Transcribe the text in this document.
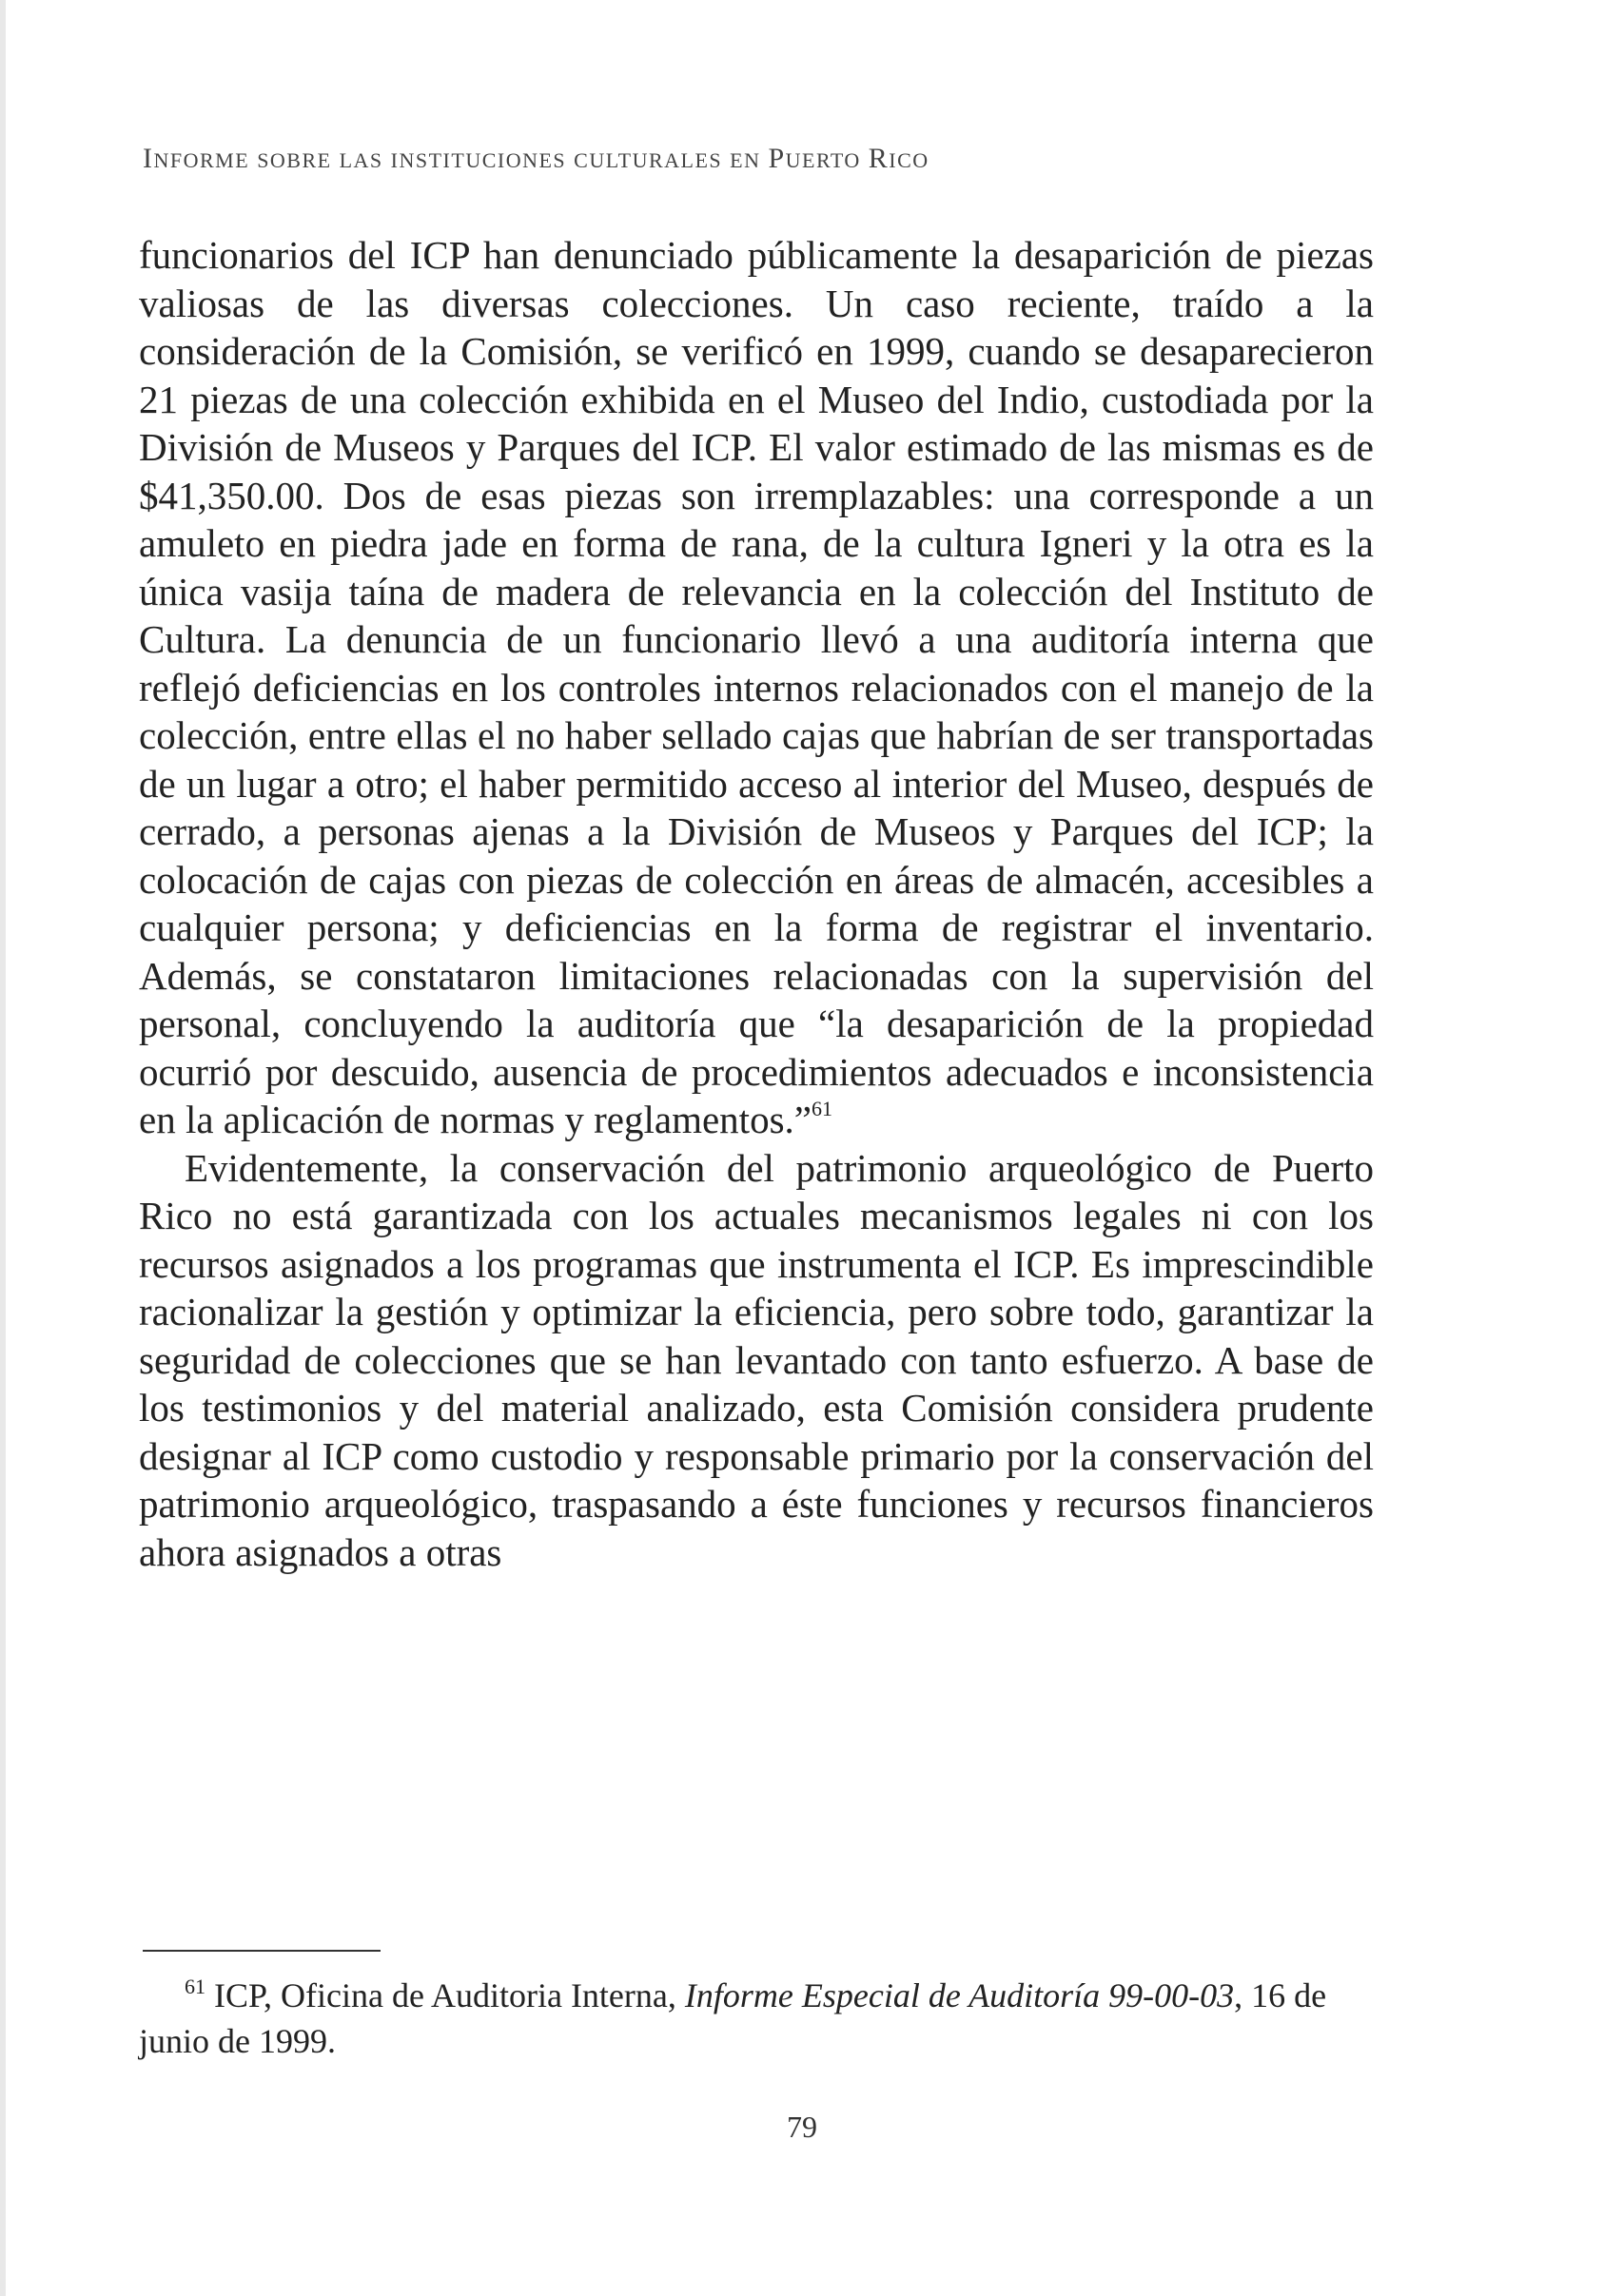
INFORME SOBRE LAS INSTITUCIONES CULTURALES EN PUERTO RICO

funcionarios del ICP han denunciado públicamente la desaparición de piezas valiosas de las diversas colecciones. Un caso reciente, traído a la consideración de la Comisión, se verificó en 1999, cuando se desaparecieron 21 piezas de una colección exhibida en el Museo del Indio, custodiada por la División de Museos y Parques del ICP. El valor estimado de las mismas es de $41,350.00. Dos de esas piezas son irremplazables: una corresponde a un amuleto en piedra jade en forma de rana, de la cultura Igneri y la otra es la única vasija taína de madera de relevancia en la colección del Instituto de Cultura. La denuncia de un funcionario llevó a una auditoría interna que reflejó deficiencias en los controles internos relacionados con el manejo de la colección, entre ellas el no haber sellado cajas que habrían de ser transportadas de un lugar a otro; el haber permitido acceso al interior del Museo, después de cerrado, a personas ajenas a la División de Museos y Parques del ICP; la colocación de cajas con piezas de colección en áreas de almacén, accesibles a cualquier persona; y deficiencias en la forma de registrar el inventario. Además, se constataron limitaciones relacionadas con la supervisión del personal, concluyendo la auditoría que “la desaparición de la propiedad ocurrió por descuido, ausencia de procedimientos adecuados e inconsistencia en la aplicación de normas y reglamentos.”$^{61}$

Evidentemente, la conservación del patrimonio arqueológico de Puerto Rico no está garantizada con los actuales mecanismos legales ni con los recursos asignados a los programas que instrumenta el ICP. Es imprescindible racionalizar la gestión y optimizar la eficiencia, pero sobre todo, garantizar la seguridad de colecciones que se han levantado con tanto esfuerzo. A base de los testimonios y del material analizado, esta Comisión considera prudente designar al ICP como custodio y responsable primario por la conservación del patrimonio arqueológico, traspasando a éste funciones y recursos financieros ahora asignados a otras

$^{61}$ ICP, Oficina de Auditoria Interna, Informe Especial de Auditoría 99-00-03, 16 de junio de 1999.

79
